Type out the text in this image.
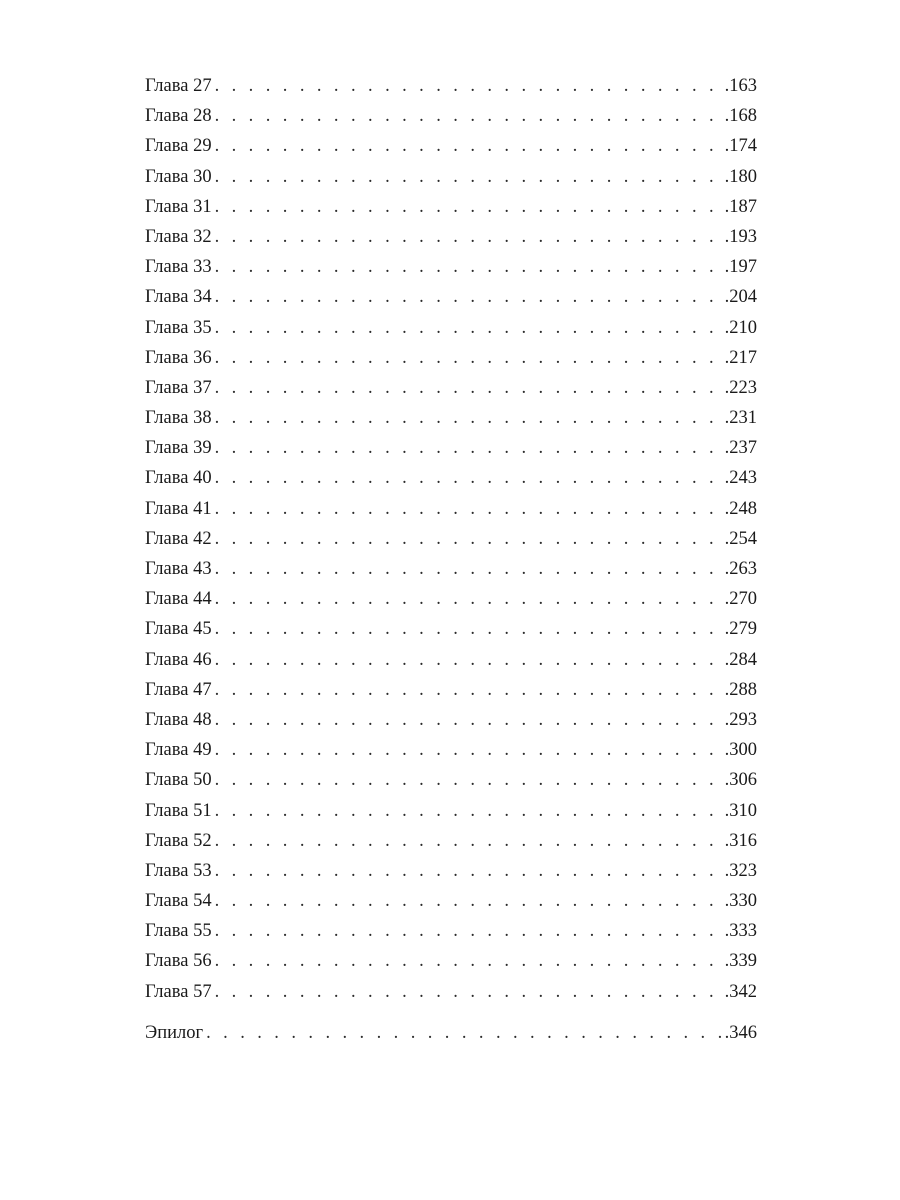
Глава 27 . . .	.163
Глава 28 . . .	.168
Глава 29 . . .	.174
Глава 30 . . .	.180
Глава 31 . . .	.187
Глава 32 . . .	.193
Глава 33 . . .	.197
Глава 34 . . .	.204
Глава 35 . . .	.210
Глава 36 . . .	.217
Глава 37 . . .	.223
Глава 38 . . .	.231
Глава 39 . . .	.237
Глава 40 . . .	.243
Глава 41 . . .	.248
Глава 42 . . .	.254
Глава 43 . . .	.263
Глава 44 . . .	.270
Глава 45 . . .	.279
Глава 46 . . .	.284
Глава 47 . . .	.288
Глава 48 . . .	.293
Глава 49 . . .	.300
Глава 50 . . .	.306
Глава 51 . . .	.310
Глава 52 . . .	.316
Глава 53 . . .	.323
Глава 54 . . .	.330
Глава 55 . . .	.333
Глава 56 . . .	.339
Глава 57 . . .	.342
Эпилог . . .	.346
